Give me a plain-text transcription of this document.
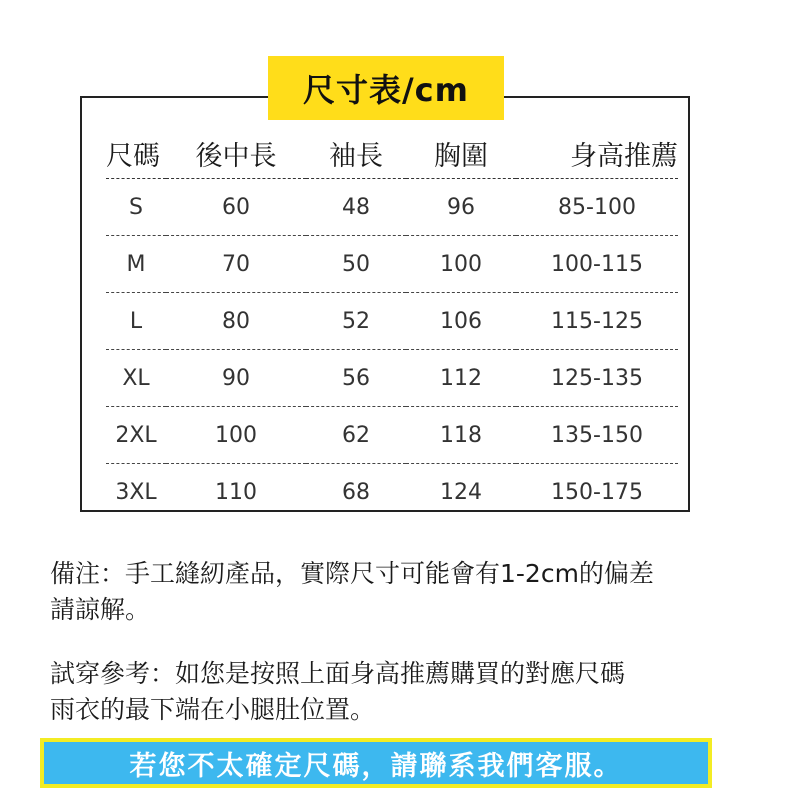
尺寸表/cm
尺碼	後中長	袖長	胸圍	身高推薦
S	60	48	96	85-100
M	70	50	100	100-115
L	80	52	106	115-125
XL	90	56	112	125-135
2XL	100	62	118	135-150
3XL	110	68	124	150-175

備注：手工縫紉產品，實際尺寸可能會有1-2cm的偏差

請諒解。

試穿參考：如您是按照上面身高推薦購買的對應尺碼

雨衣的最下端在小腿肚位置。

若您不太確定尺碼，請聯系我們客服。
